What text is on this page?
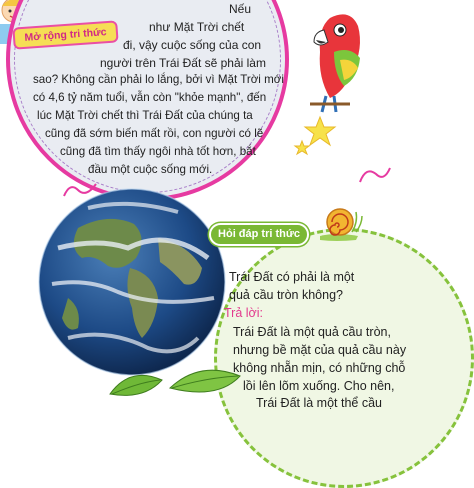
Mở rộng tri thức
Nếu
như Mặt Trời chết
đi, vậy cuộc sống của con
người trên Trái Đất sẽ phải làm
sao? Không cần phải lo lắng, bởi vì Mặt Trời mới
có 4,6 tỷ năm tuổi, vẫn còn "khỏe mạnh", đến
lúc Mặt Trời chết thì Trái Đất của chúng ta
cũng đã sớm biến mất rồi, con người có lẽ
cũng đã tìm thấy ngôi nhà tốt hơn, bắt
đầu một cuộc sống mới.
Hỏi đáp tri thức
Trái Đất có phải là một
quả cầu tròn không?
Trả lời:
Trái Đất là một quả cầu tròn,
nhưng bề mặt của quả cầu này
không nhẵn mịn, có những chỗ
lồi lên lõm xuống. Cho nên,
Trái Đất là một thể cầu
